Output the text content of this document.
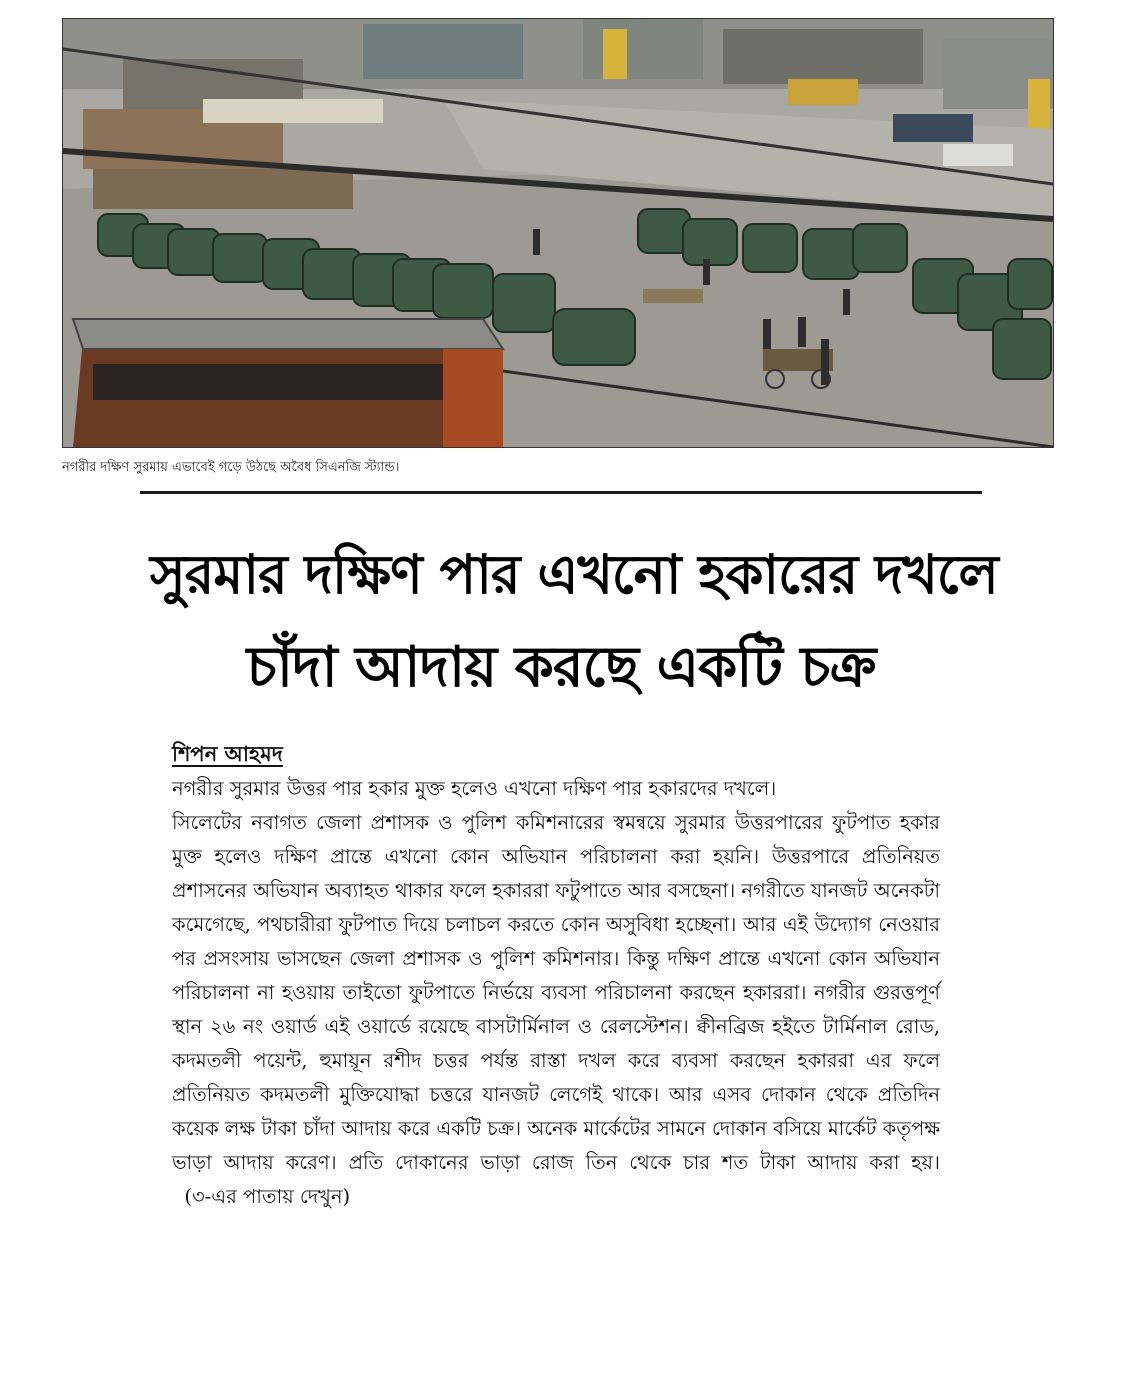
নগরীর দক্ষিণ সুরমায় এভাবেই গড়ে উঠছে অবৈধ সিএনজি স্ট্যান্ড।
সুরমার দক্ষিণ পার এখনো হকারের দখলে
চাঁদা আদায় করছে একটি চক্র
শিপন আহমদ

নগরীর সুরমার উত্তর পার হকার মুক্ত হলেও এখনো দক্ষিণ পার হকারদের দখলে।

সিলেটের নবাগত জেলা প্রশাসক ও পুলিশ কমিশনারের স্বমন্বয়ে সুরমার উত্তরপারের ফুটপাত হকার মুক্ত হলেও দক্ষিণ প্রান্তে এখনো কোন অভিযান পরিচালনা করা হয়নি। উত্তরপারে প্রতিনিয়ত প্রশাসনের অভিযান অব্যাহত থাকার ফলে হকাররা ফটুপাতে আর বসছেনা। নগরীতে যানজট অনেকটা কমেগেছে, পথচারীরা ফুটপাত দিয়ে চলাচল করতে কোন অসুবিধা হচ্ছেনা। আর এই উদ্যোগ নেওয়ার পর প্রসংসায় ভাসছেন জেলা প্রশাসক ও পুলিশ কমিশনার। কিন্তু দক্ষিণ প্রান্তে এখনো কোন অভিযান পরিচালনা না হওয়ায় তাইতো ফুটপাতে নির্ভয়ে ব্যবসা পরিচালনা করছেন হকাররা। নগরীর গুরত্তপূর্ণ স্থান ২৬ নং ওয়ার্ড এই ওয়ার্ডে রয়েছে বাসটার্মিনাল ও রেলস্টেশন। ক্বীনব্রিজ হইতে টার্মিনাল রোড, কদমতলী পয়েন্ট, হুমায়ূন রশীদ চত্তর পর্যন্ত রাস্তা দখল করে ব্যবসা করছেন হকাররা এর ফলে প্রতিনিয়ত কদমতলী মুক্তিযোদ্ধা চত্তরে যানজট লেগেই থাকে। আর এসব দোকান থেকে প্রতিদিন কয়েক লক্ষ টাকা চাঁদা আদায় করে একটি চক্র। অনেক মার্কেটের সামনে দোকান বসিয়ে মার্কেট কতৃপক্ষ ভাড়া আদায় করেণ। প্রতি দোকানের ভাড়া রোজ তিন থেকে চার শত টাকা আদায় করা হয়।  (৩-এর পাতায় দেখুন)
